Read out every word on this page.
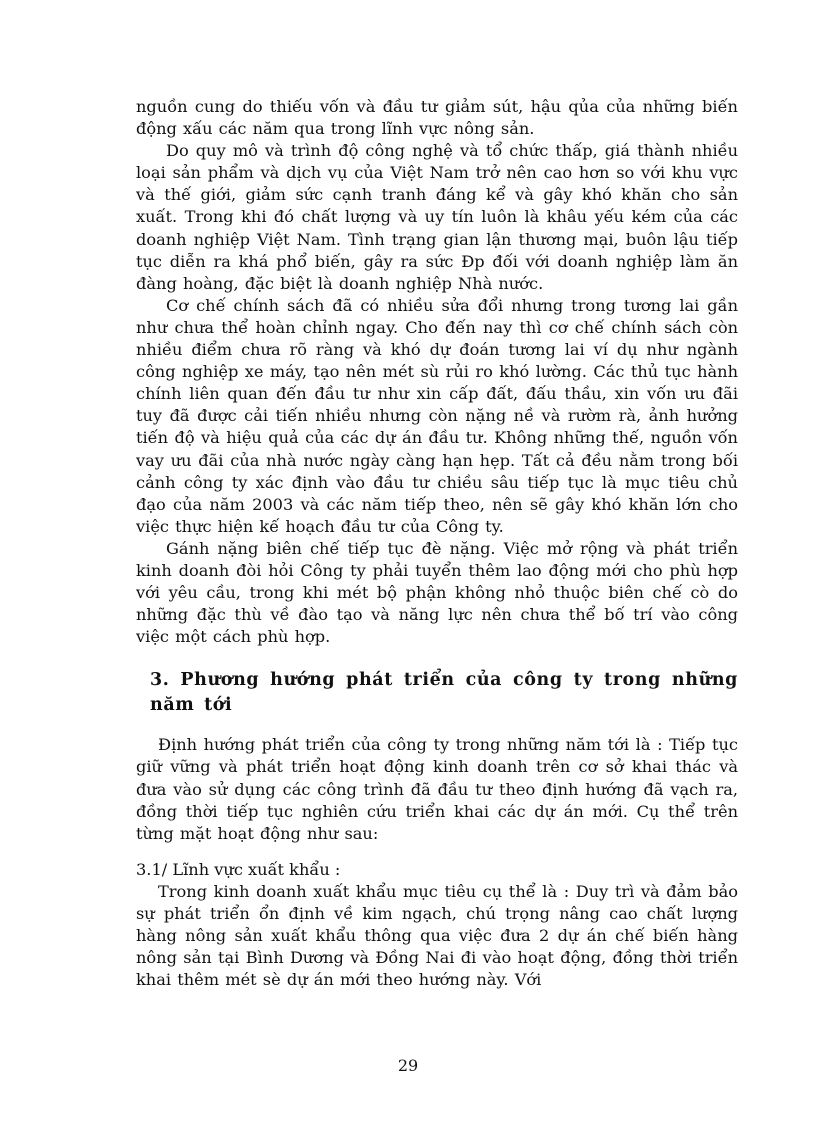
nguồn cung do thiếu vốn và đầu tư giảm sút, hậu qủa của những biến động xấu các năm qua trong lĩnh vực nông sản.

Do quy mô và trình độ công nghệ và tổ chức thấp, giá thành nhiều loại sản phẩm và dịch vụ của Việt Nam trở nên cao hơn so với khu vực và thế giới, giảm sức cạnh tranh đáng kể và gây khó khăn cho sản xuất. Trong khi đó chất lượng và uy tín luôn là khâu yếu kém của các doanh nghiệp Việt Nam. Tình trạng gian lận thương mại, buôn lậu tiếp tục diễn ra khá phổ biến, gây ra sức Đp đối với doanh nghiệp làm ăn đàng hoàng, đặc biệt là doanh nghiệp Nhà nước.

Cơ chế chính sách đã có nhiều sửa đổi nhưng trong tương lai gần như chưa thể hoàn chỉnh ngay. Cho đến nay thì cơ chế chính sách còn nhiều điểm chưa rõ ràng và khó dự đoán tương lai ví dụ như ngành công nghiệp xe máy, tạo nên mét sù rủi ro khó lường. Các thủ tục hành chính liên quan đến đầu tư như xin cấp đất, đấu thầu, xin vốn ưu đãi tuy đã được cải tiến nhiều nhưng còn nặng nề và rườm rà, ảnh hưởng tiến độ và hiệu quả của các dự án đầu tư. Không những thế, nguồn vốn vay ưu đãi của nhà nước ngày càng hạn hẹp. Tất cả đều nằm trong bối cảnh công ty xác định vào đầu tư chiều sâu tiếp tục là mục tiêu chủ đạo của năm 2003 và các năm tiếp theo, nên sẽ gây khó khăn lớn cho việc thực hiện kế hoạch đầu tư của Công ty.

Gánh nặng biên chế tiếp tục đè nặng. Việc mở rộng và phát triển kinh doanh đòi hỏi Công ty phải tuyển thêm lao động mới cho phù hợp với yêu cầu, trong khi mét bộ phận không nhỏ thuộc biên chế cò do những đặc thù về đào tạo và năng lực nên chưa thể bố trí vào công việc một cách phù hợp.

3. Phương hướng phát triển của công ty trong những năm tới

Định hướng phát triển của công ty trong những năm tới là : Tiếp tục giữ vững và phát triển hoạt động kinh doanh trên cơ sở khai thác và đưa vào sử dụng các công trình đã đầu tư theo định hướng đã vạch ra, đồng thời tiếp tục nghiên cứu triển khai các dự án mới. Cụ thể trên từng mặt hoạt động như sau:

3.1/ Lĩnh vực xuất khẩu :

Trong kinh doanh xuất khẩu mục tiêu cụ thể là : Duy trì và đảm bảo sự phát triển ổn định về kim ngạch, chú trọng nâng cao chất lượng hàng nông sản xuất khẩu thông qua việc đưa 2 dự án chế biến hàng nông sản tại Bình Dương và Đồng Nai đi vào hoạt động, đồng thời triển khai thêm mét sè dự án mới theo hướng này. Với

29
